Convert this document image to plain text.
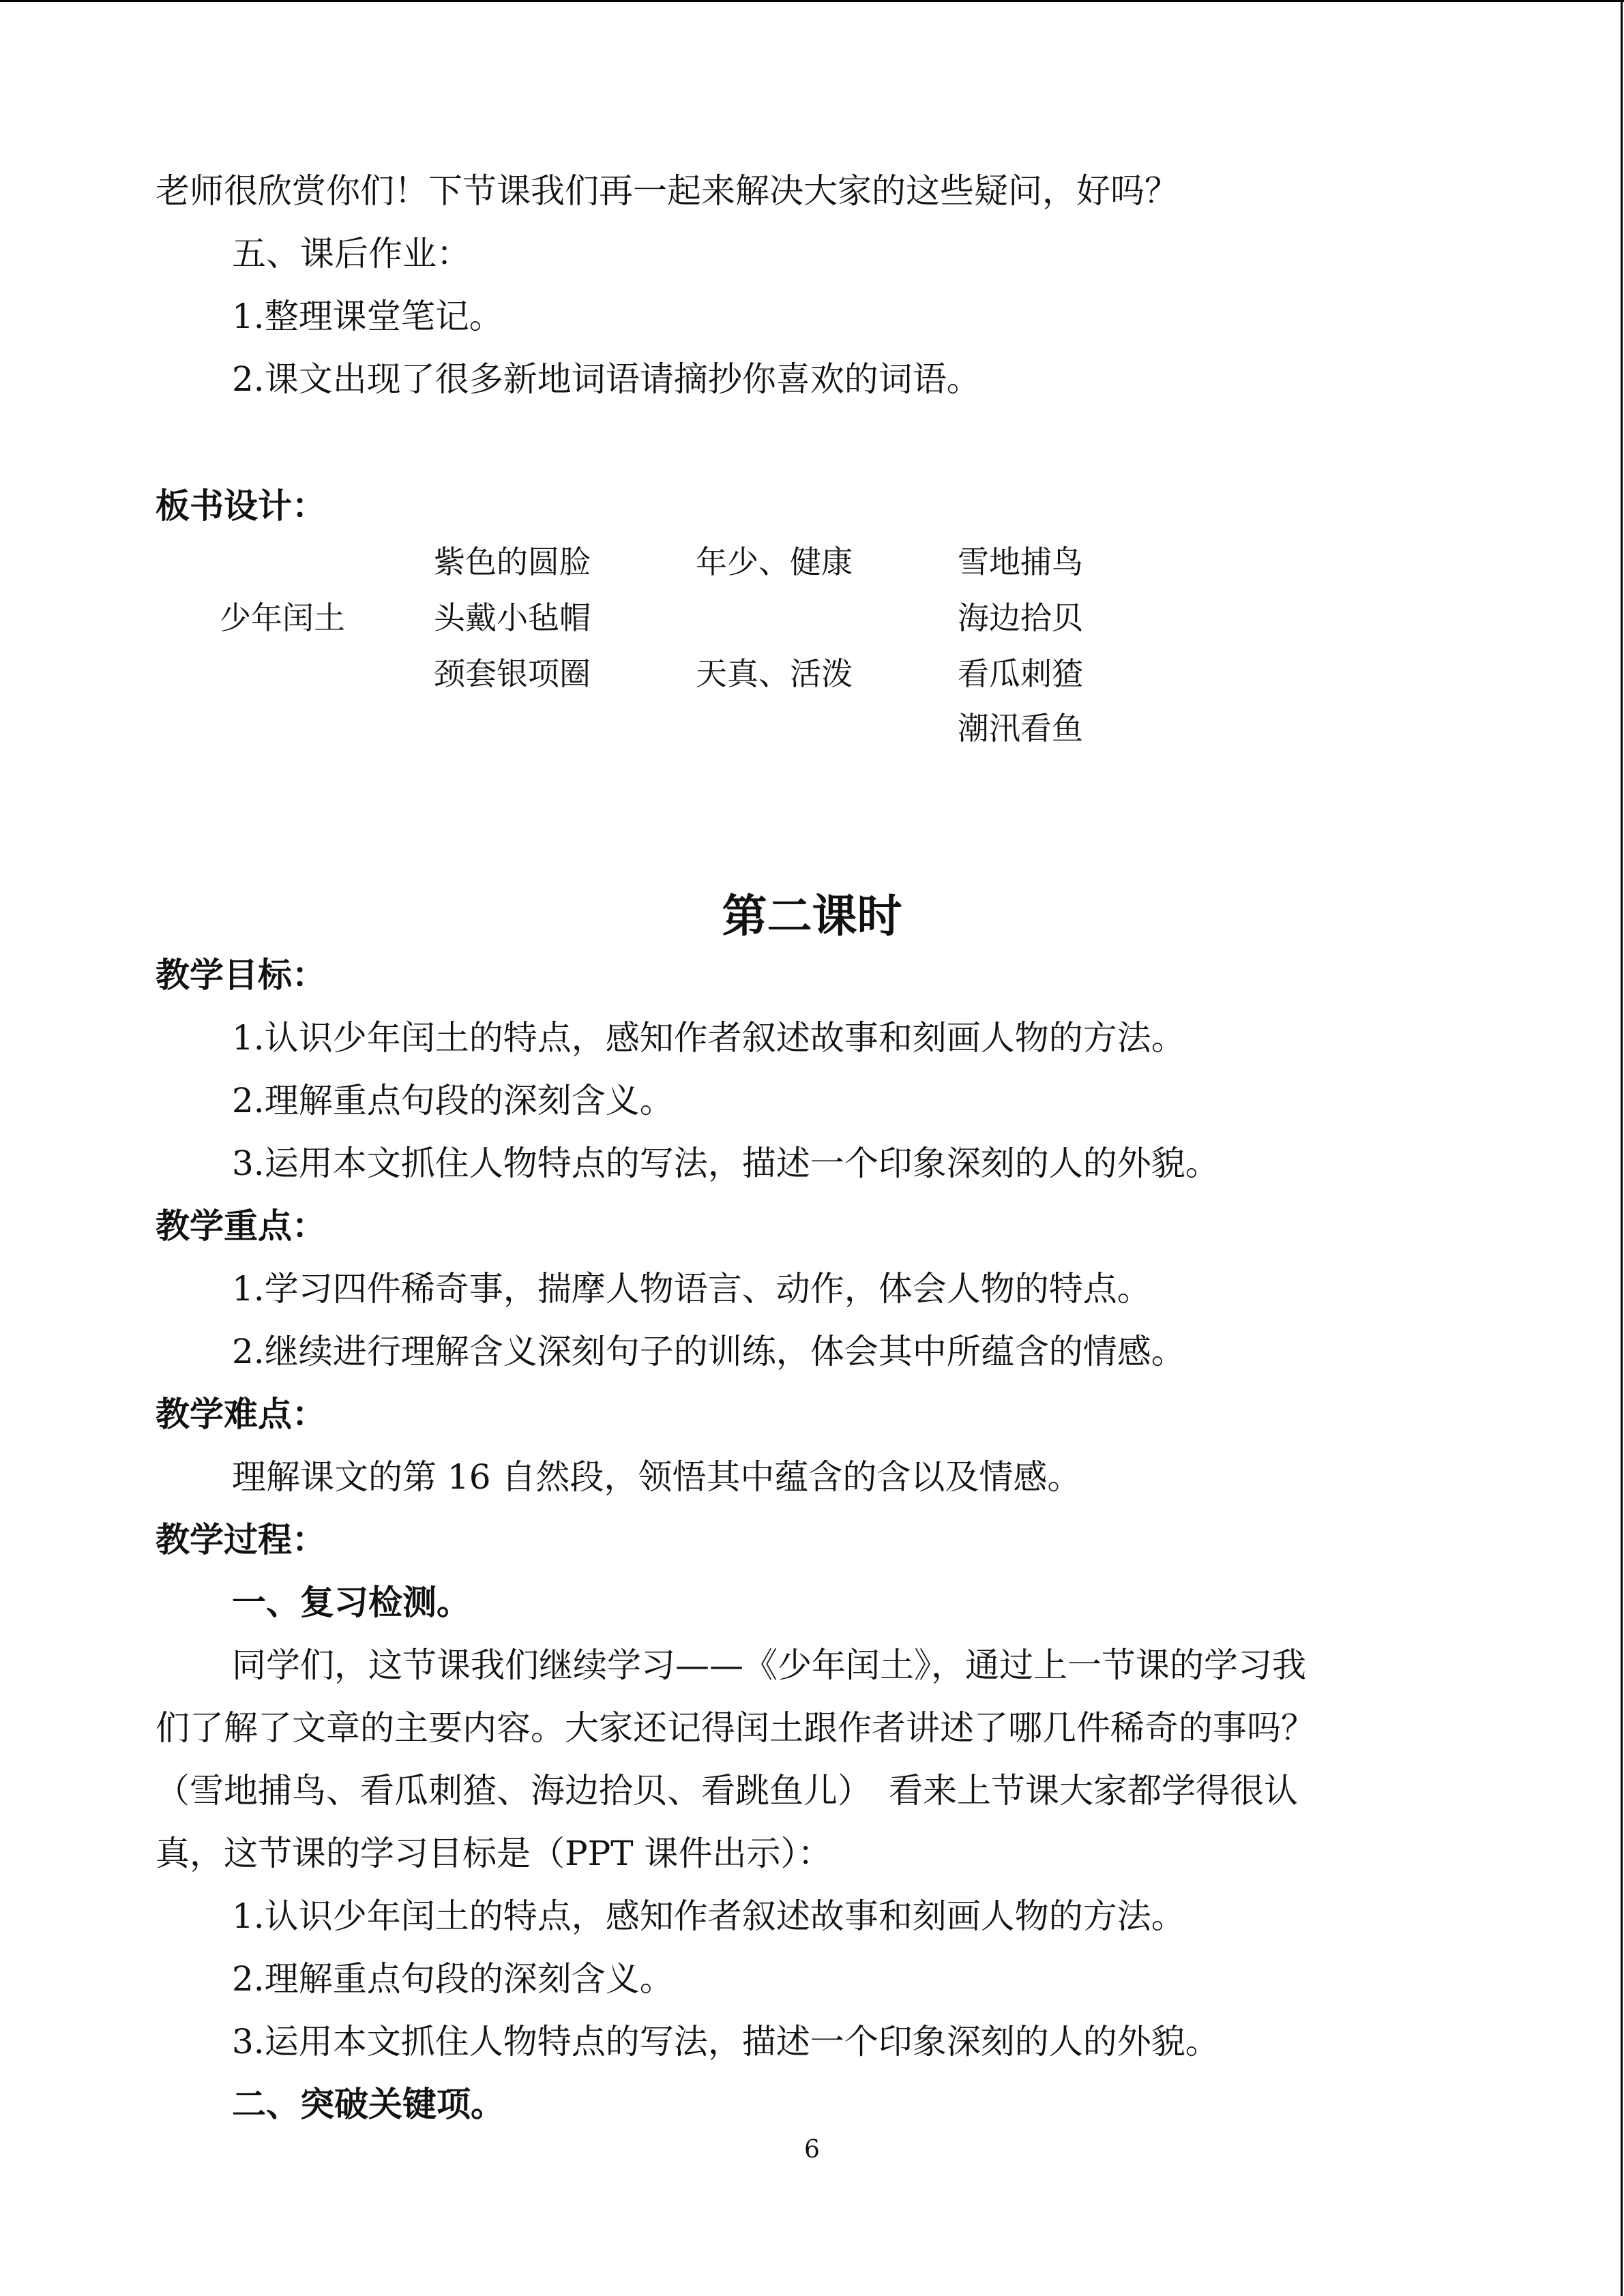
老师很欣赏你们！下节课我们再一起来解决大家的这些疑问，好吗？
五、课后作业：
1.整理课堂笔记。
2.课文出现了很多新地词语请摘抄你喜欢的词语。
板书设计：
少年闰土
紫色的圆脸
头戴小毡帽
颈套银项圈
年少、健康
天真、活泼
雪地捕鸟
海边拾贝
看瓜刺猹
潮汛看鱼
第二课时
教学目标：
1.认识少年闰土的特点，感知作者叙述故事和刻画人物的方法。
2.理解重点句段的深刻含义。
3.运用本文抓住人物特点的写法，描述一个印象深刻的人的外貌。
教学重点：
1.学习四件稀奇事，揣摩人物语言、动作，体会人物的特点。
2.继续进行理解含义深刻句子的训练，体会其中所蕴含的情感。
教学难点：
理解课文的第 16 自然段，领悟其中蕴含的含以及情感。
教学过程：
一、复习检测。
同学们，这节课我们继续学习——《少年闰土》，通过上一节课的学习我
们了解了文章的主要内容。大家还记得闰土跟作者讲述了哪几件稀奇的事吗？
（雪地捕鸟、看瓜刺猹、海边拾贝、看跳鱼儿）　看来上节课大家都学得很认
真，这节课的学习目标是（PPT 课件出示）：
1.认识少年闰土的特点，感知作者叙述故事和刻画人物的方法。
2.理解重点句段的深刻含义。
3.运用本文抓住人物特点的写法，描述一个印象深刻的人的外貌。
二、突破关键项。
6
